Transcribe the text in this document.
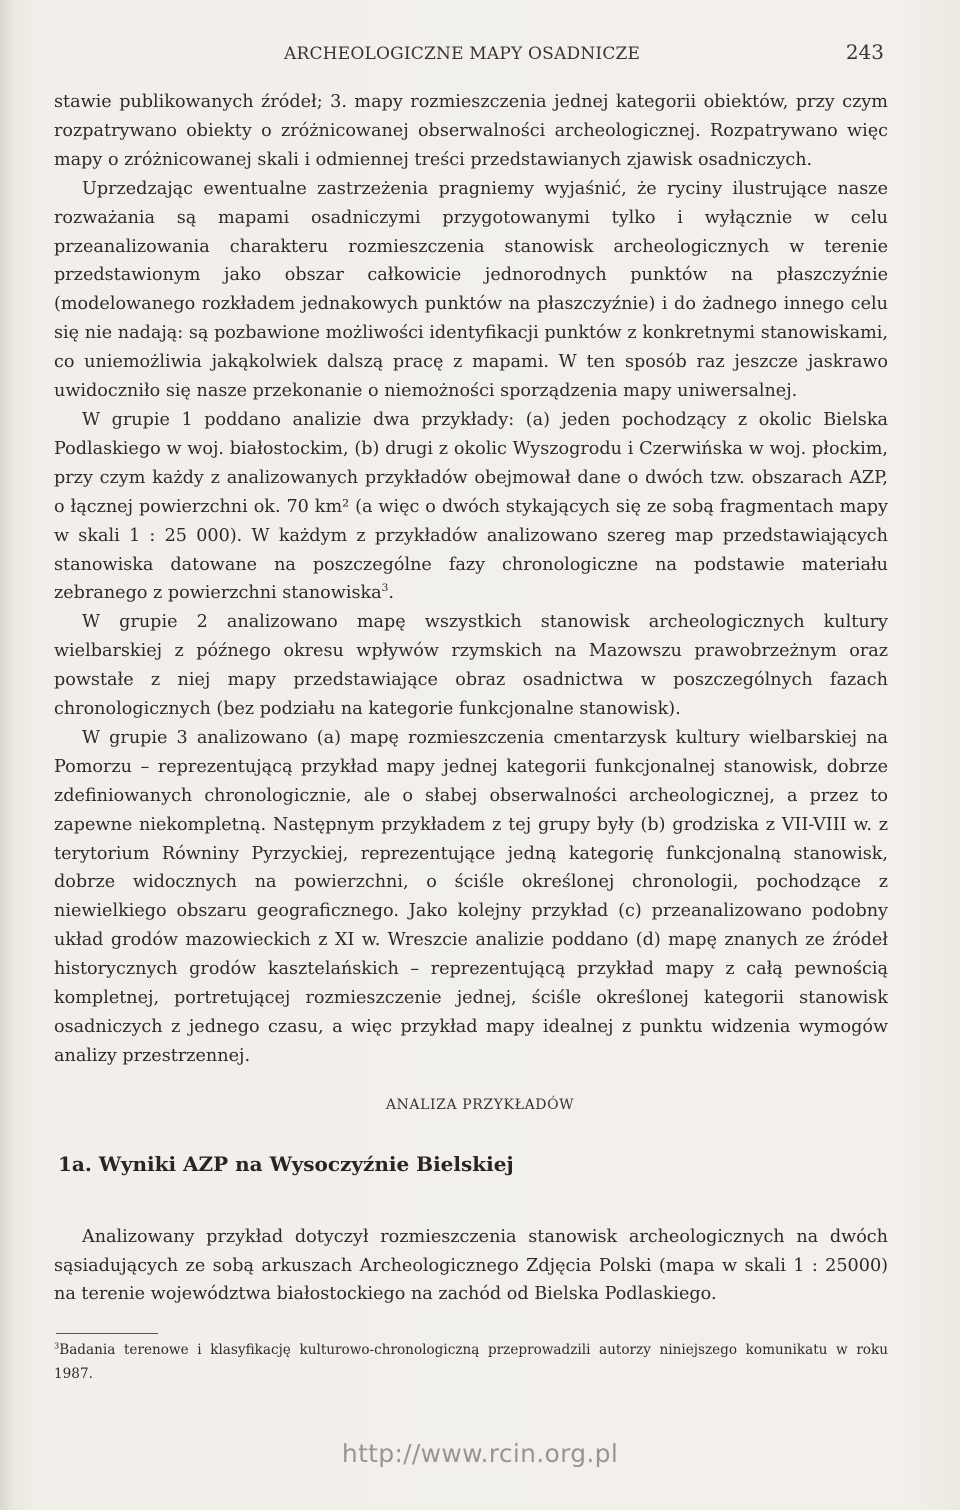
ARCHEOLOGICZNE MAPY OSADNICZE	243

stawie publikowanych źródeł; 3. mapy rozmieszczenia jednej kategorii obiektów, przy czym rozpatrywano obiekty o zróżnicowanej obserwalności archeologicznej. Rozpatrywano więc mapy o zróżnicowanej skali i odmiennej treści przedstawianych zjawisk osadniczych.

Uprzedzając ewentualne zastrzeżenia pragniemy wyjaśnić, że ryciny ilustrujące nasze rozważania są mapami osadniczymi przygotowanymi tylko i wyłącznie w celu przeanalizowania charakteru rozmieszczenia stanowisk archeologicznych w terenie przedstawionym jako obszar całkowicie jednorodnych punktów na płaszczyźnie (modelowanego rozkładem jednakowych punktów na płaszczyźnie) i do żadnego innego celu się nie nadają: są pozbawione możliwości identyfikacji punktów z konkretnymi stanowiskami, co uniemożliwia jakąkolwiek dalszą pracę z mapami. W ten sposób raz jeszcze jaskrawo uwidoczniło się nasze przekonanie o niemożności sporządzenia mapy uniwersalnej.

W grupie 1 poddano analizie dwa przykłady: (a) jeden pochodzący z okolic Bielska Podlaskiego w woj. białostockim, (b) drugi z okolic Wyszogrodu i Czerwińska w woj. płockim, przy czym każdy z analizowanych przykładów obejmował dane o dwóch tzw. obszarach AZP, o łącznej powierzchni ok. 70 km² (a więc o dwóch stykających się ze sobą fragmentach mapy w skali 1 : 25 000). W każdym z przykładów analizowano szereg map przedstawiających stanowiska datowane na poszczególne fazy chronologiczne na podstawie materiału zebranego z powierzchni stanowiska$^3$.

W grupie 2 analizowano mapę wszystkich stanowisk archeologicznych kultury wielbarskiej z późnego okresu wpływów rzymskich na Mazowszu prawobrzeżnym oraz powstałe z niej mapy przedstawiające obraz osadnictwa w poszczególnych fazach chronologicznych (bez podziału na kategorie funkcjonalne stanowisk).

W grupie 3 analizowano (a) mapę rozmieszczenia cmentarzysk kultury wielbarskiej na Pomorzu – reprezentującą przykład mapy jednej kategorii funkcjonalnej stanowisk, dobrze zdefiniowanych chronologicznie, ale o słabej obserwalności archeologicznej, a przez to zapewne niekompletną. Następnym przykładem z tej grupy były (b) grodziska z VII-VIII w. z terytorium Równiny Pyrzyckiej, reprezentujące jedną kategorię funkcjonalną stanowisk, dobrze widocznych na powierzchni, o ściśle określonej chronologii, pochodzące z niewielkiego obszaru geograficznego. Jako kolejny przykład (c) przeanalizowano podobny układ grodów mazowieckich z XI w. Wreszcie analizie poddano (d) mapę znanych ze źródeł historycznych grodów kasztelańskich – reprezentującą przykład mapy z całą pewnością kompletnej, portretującej rozmieszczenie jednej, ściśle określonej kategorii stanowisk osadniczych z jednego czasu, a więc przykład mapy idealnej z punktu widzenia wymogów analizy przestrzennej.

ANALIZA PRZYKŁADÓW
1a. Wyniki AZP na Wysoczyźnie Bielskiej

Analizowany przykład dotyczył rozmieszczenia stanowisk archeologicznych na dwóch sąsiadujących ze sobą arkuszach Archeologicznego Zdjęcia Polski (mapa w skali 1 : 25000) na terenie województwa białostockiego na zachód od Bielska Podlaskiego.

$^3$Badania terenowe i klasyfikację kulturowo-chronologiczną przeprowadzili autorzy niniejszego komunikatu w roku 1987.
http://www.rcin.org.pl
